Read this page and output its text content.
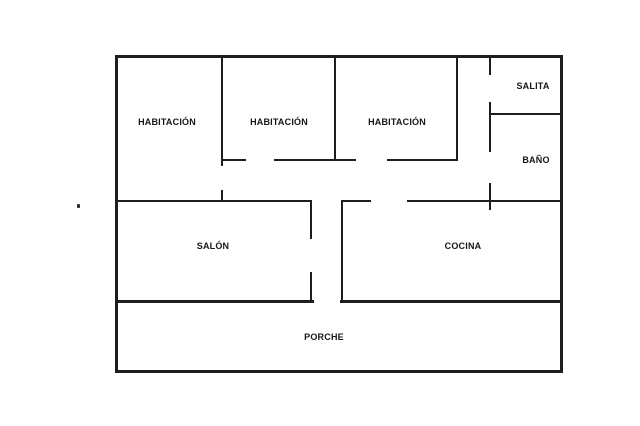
HABITACIÓN	HABITACIÓN	HABITACIÓN
SALITA
BAÑO
SALÓN	COCINA
PORCHE
